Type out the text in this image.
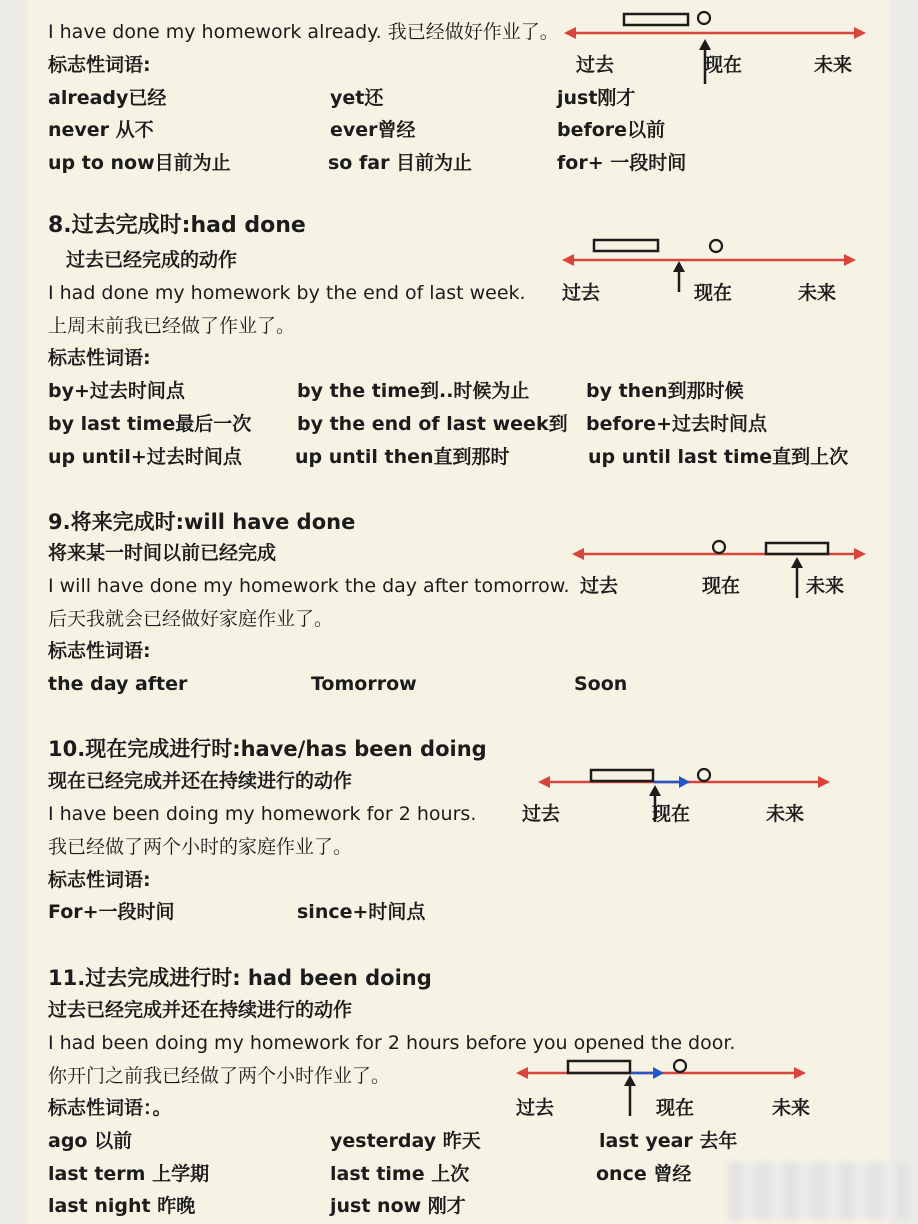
I have done my homework already. 我已经做好作业了。
标志性词语:
already已经	yet还	just刚才
never 从不	ever曾经	before以前
up to now目前为止	so far 目前为止	for+ 一段时间
过去	现在	未来
8.过去完成时:had done
过去已经完成的动作
I had done my homework by the end of last week.
上周末前我已经做了作业了。
标志性词语:
by+过去时间点	by the time到..时候为止	by then到那时候
by last time最后一次 by the end of last week到 before+过去时间点
up until+过去时间点	up until then直到那时	up until last time直到上次
过去	现在	未来
9.将来完成时:will have done
将来某一时间以前已经完成
I will have done my homework the day after tomorrow.
后天我就会已经做好家庭作业了。
标志性词语:
the day after	Tomorrow	Soon
过去	现在	未来
10.现在完成进行时:have/has been doing
现在已经完成并还在持续进行的动作
I have been doing my homework for 2 hours.
我已经做了两个小时的家庭作业了。
标志性词语:
For+一段时间	since+时间点
过去	现在	未来
11.过去完成进行时: had been doing
过去已经完成并还在持续进行的动作
I had been doing my homework for 2 hours before you opened the door.
你开门之前我已经做了两个小时作业了。
标志性词语：。
ago 以前	yesterday 昨天	last year 去年
last term 上学期	last time 上次	once 曾经
last night 昨晚	just now 刚才
过去	现在	未来
